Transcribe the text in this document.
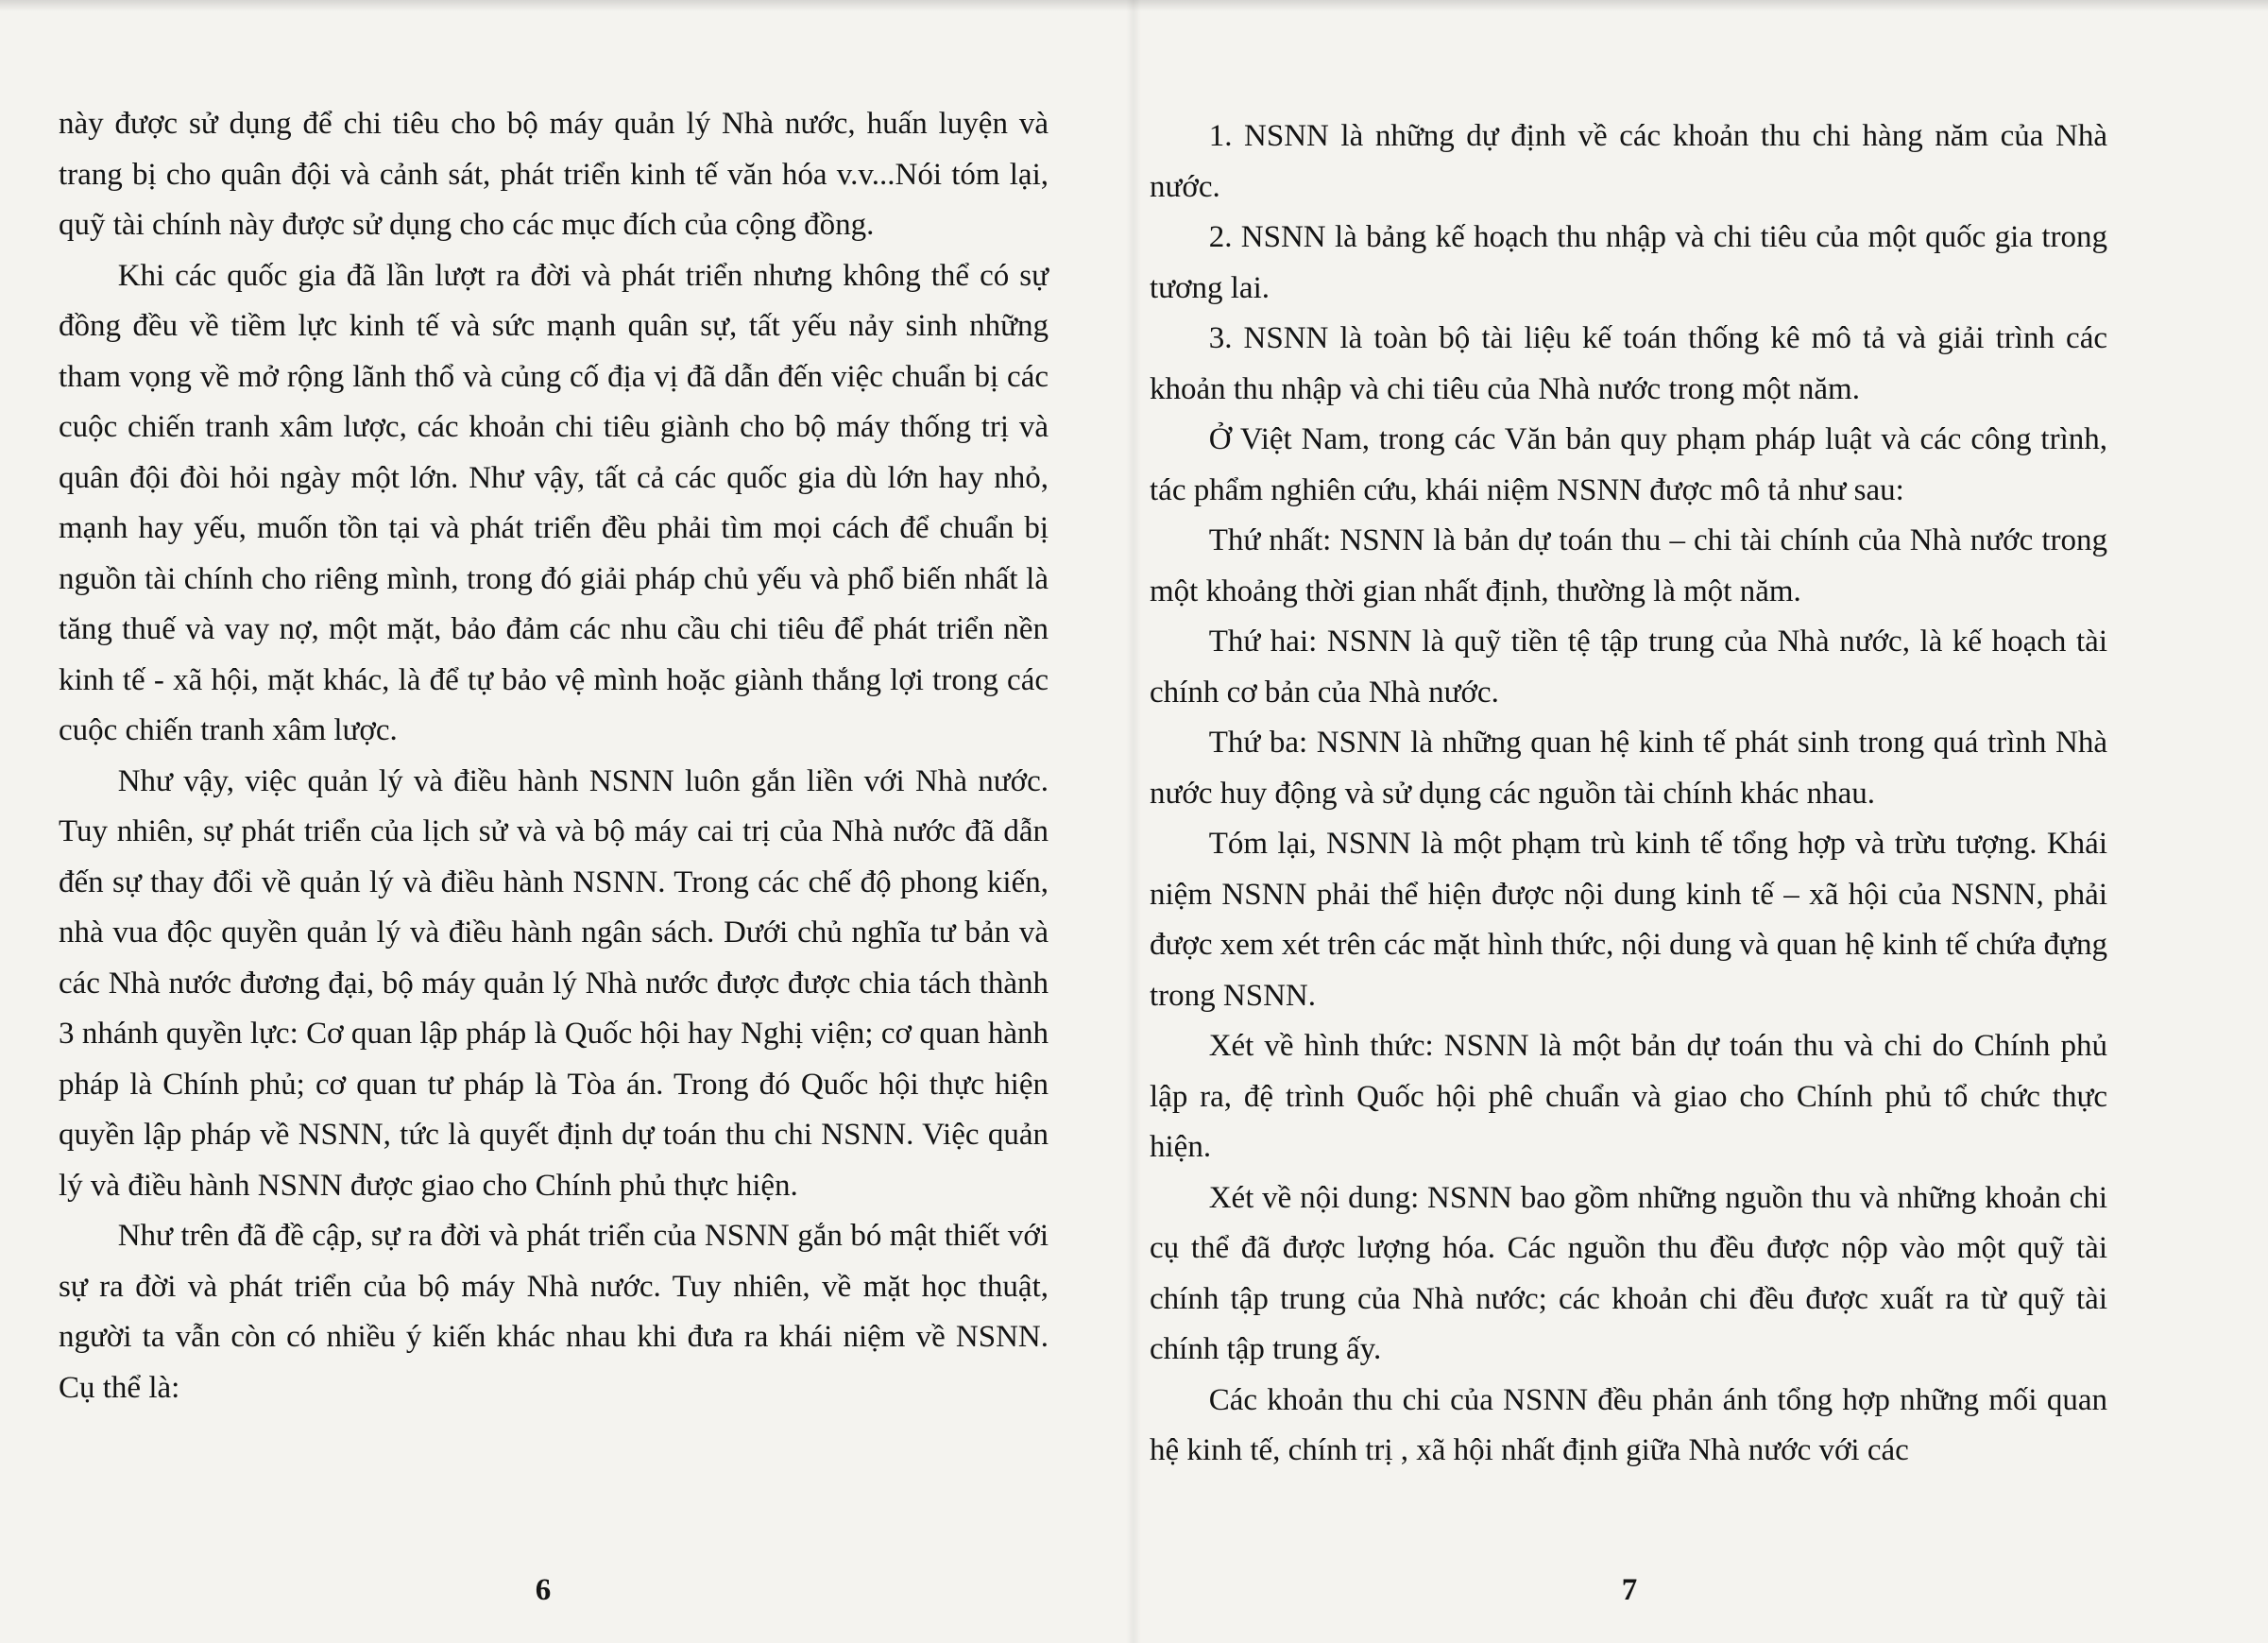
này được sử dụng để chi tiêu cho bộ máy quản lý Nhà nước, huấn luyện và trang bị cho quân đội và cảnh sát, phát triển kinh tế văn hóa v.v...Nói tóm lại, quỹ tài chính này được sử dụng cho các mục đích của cộng đồng.

Khi các quốc gia đã lần lượt ra đời và phát triển nhưng không thể có sự đồng đều về tiềm lực kinh tế và sức mạnh quân sự, tất yếu nảy sinh những tham vọng về mở rộng lãnh thổ và củng cố địa vị đã dẫn đến việc chuẩn bị các cuộc chiến tranh xâm lược, các khoản chi tiêu giành cho bộ máy thống trị và quân đội đòi hỏi ngày một lớn. Như vậy, tất cả các quốc gia dù lớn hay nhỏ, mạnh hay yếu, muốn tồn tại và phát triển đều phải tìm mọi cách để chuẩn bị nguồn tài chính cho riêng mình, trong đó giải pháp chủ yếu và phổ biến nhất là tăng thuế và vay nợ, một mặt, bảo đảm các nhu cầu chi tiêu để phát triển nền kinh tế - xã hội, mặt khác, là để tự bảo vệ mình hoặc giành thắng lợi trong các cuộc chiến tranh xâm lược.

Như vậy, việc quản lý và điều hành NSNN luôn gắn liền với Nhà nước. Tuy nhiên, sự phát triển của lịch sử và và bộ máy cai trị của Nhà nước đã dẫn đến sự thay đổi về quản lý và điều hành NSNN. Trong các chế độ phong kiến, nhà vua độc quyền quản lý và điều hành ngân sách. Dưới chủ nghĩa tư bản và các Nhà nước đương đại, bộ máy quản lý Nhà nước được được chia tách thành 3 nhánh quyền lực: Cơ quan lập pháp là Quốc hội hay Nghị viện; cơ quan hành pháp là Chính phủ; cơ quan tư pháp là Tòa án. Trong đó Quốc hội thực hiện quyền lập pháp về NSNN, tức là quyết định dự toán thu chi NSNN. Việc quản lý và điều hành NSNN được giao cho Chính phủ thực hiện.

Như trên đã đề cập, sự ra đời và phát triển của NSNN gắn bó mật thiết với sự ra đời và phát triển của bộ máy Nhà nước. Tuy nhiên, về mặt học thuật, người ta vẫn còn có nhiều ý kiến khác nhau khi đưa ra khái niệm về NSNN. Cụ thể là:

6

1. NSNN là những dự định về các khoản thu chi hàng năm của Nhà nước.

2. NSNN là bảng kế hoạch thu nhập và chi tiêu của một quốc gia trong tương lai.

3. NSNN là toàn bộ tài liệu kế toán thống kê mô tả và giải trình các khoản thu nhập và chi tiêu của Nhà nước trong một năm.

Ở Việt Nam, trong các Văn bản quy phạm pháp luật và các công trình, tác phẩm nghiên cứu, khái niệm NSNN được mô tả như sau:

Thứ nhất: NSNN là bản dự toán thu – chi tài chính của Nhà nước trong một khoảng thời gian nhất định, thường là một năm.

Thứ hai: NSNN là quỹ tiền tệ tập trung của Nhà nước, là kế hoạch tài chính cơ bản của Nhà nước.

Thứ ba: NSNN là những quan hệ kinh tế phát sinh trong quá trình Nhà nước huy động và sử dụng các nguồn tài chính khác nhau.

Tóm lại, NSNN là một phạm trù kinh tế tổng hợp và trừu tượng. Khái niệm NSNN phải thể hiện được nội dung kinh tế – xã hội của NSNN, phải được xem xét trên các mặt hình thức, nội dung và quan hệ kinh tế chứa đựng trong NSNN.

Xét về hình thức: NSNN là một bản dự toán thu và chi do Chính phủ lập ra, đệ trình Quốc hội phê chuẩn và giao cho Chính phủ tổ chức thực hiện.

Xét về nội dung: NSNN bao gồm những nguồn thu và những khoản chi cụ thể đã được lượng hóa. Các nguồn thu đều được nộp vào một quỹ tài chính tập trung của Nhà nước; các khoản chi đều được xuất ra từ quỹ tài chính tập trung ấy.

Các khoản thu chi của NSNN đều phản ánh tổng hợp những mối quan hệ kinh tế, chính trị , xã hội nhất định giữa Nhà nước với các

7
